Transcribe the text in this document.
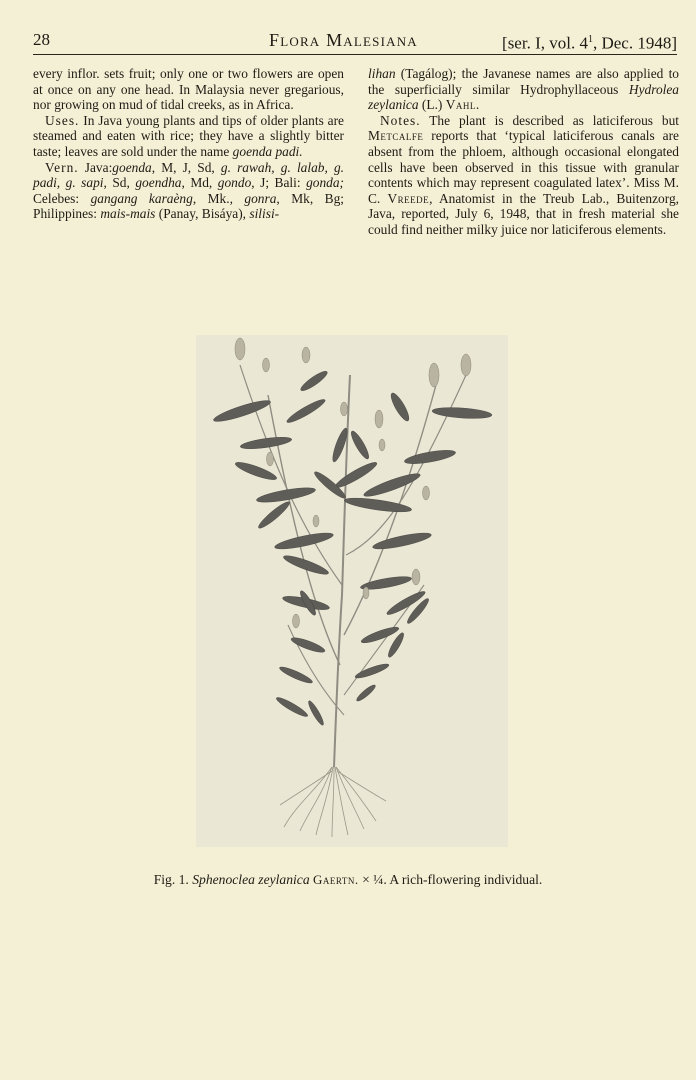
28	Flora Malesiana	[ser. I, vol. $4^1$, Dec. 1948]

every inflor. sets fruit; only one or two flowers are open at once on any one head. In Malaysia never gregarious, nor growing on mud of tidal creeks, as in Africa.

Uses. In Java young plants and tips of older plants are steamed and eaten with rice; they have a slightly bitter taste; leaves are sold under the name goenda padi.

Vern. Java:goenda, M, J, Sd, g. rawah, g. lalab, g. padi, g. sapi, Sd, goendha, Md, gondo, J; Bali: gonda; Celebes: gangang karaèng, Mk., gonra, Mk, Bg; Philippines: mais-mais (Panay, Bisáya), silisi-

lihan (Tagálog); the Javanese names are also applied to the superficially similar Hydrophyllaceous Hydrolea zeylanica (L.) Vahl.

Notes. The plant is described as laticiferous but Metcalfe reports that ‘typical laticiferous canals are absent from the phloem, although occasional elongated cells have been observed in this tissue with granular contents which may represent coagulated latex’. Miss M. C. Vreede, Anatomist in the Treub Lab., Buitenzorg, Java, reported, July 6, 1948, that in fresh material she could find neither milky juice nor laticiferous elements.

Fig. 1. Sphenoclea zeylanica Gaertn. × ¼. A rich-flowering individual.
